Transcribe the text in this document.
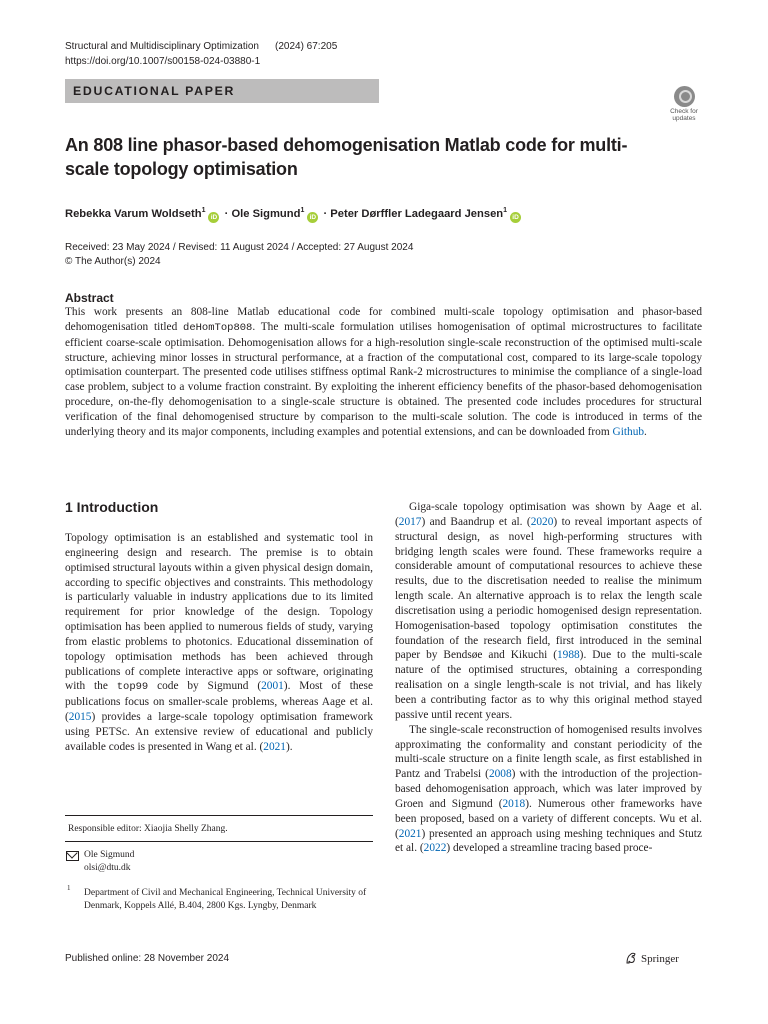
Structural and Multidisciplinary Optimization (2024) 67:205
https://doi.org/10.1007/s00158-024-03880-1
EDUCATIONAL PAPER
Check for
updates
An 808 line phasor-based dehomogenisation Matlab code for multi-scale topology optimisation
Rebekka Varum Woldseth$^1$iD · Ole Sigmund$^1$iD · Peter Dørffler Ladegaard Jensen$^1$iD
Received: 23 May 2024 / Revised: 11 August 2024 / Accepted: 27 August 2024
© The Author(s) 2024
Abstract
This work presents an 808-line Matlab educational code for combined multi-scale topology optimisation and phasor-based dehomogenisation titled deHomTop808. The multi-scale formulation utilises homogenisation of optimal microstructures to facilitate efficient coarse-scale optimisation. Dehomogenisation allows for a high-resolution single-scale reconstruction of the optimised multi-scale structure, achieving minor losses in structural performance, at a fraction of the computational cost, compared to its large-scale topology optimisation counterpart. The presented code utilises stiffness optimal Rank-2 microstructures to minimise the compliance of a single-load case problem, subject to a volume fraction constraint. By exploiting the inherent efficiency benefits of the phasor-based dehomogenisation procedure, on-the-fly dehomogenisation to a single-scale structure is obtained. The presented code includes procedures for structural verification of the final dehomogenised structure by comparison to the multi-scale solution. The code is introduced in terms of the underlying theory and its major components, including examples and potential extensions, and can be downloaded from Github.
1 Introduction

Topology optimisation is an established and systematic tool in engineering design and research. The premise is to obtain optimised structural layouts within a given physical design domain, according to specific objectives and constraints. This methodology is particularly valuable in industry applications due to its limited requirement for prior knowledge of the design. Topology optimisation has been applied to numerous fields of study, varying from elastic problems to photonics. Educational dissemination of topology optimisation methods has been achieved through publications of complete interactive apps or software, originating with the top99 code by Sigmund (2001). Most of these publications focus on smaller-scale problems, whereas Aage et al. (2015) provides a large-scale topology optimisation framework using PETSc. An extensive review of educational and publicly available codes is presented in Wang et al. (2021).

Giga-scale topology optimisation was shown by Aage et al. (2017) and Baandrup et al. (2020) to reveal important aspects of structural design, as novel high-performing structures with bridging length scales were found. These frameworks require a considerable amount of computational resources to achieve these results, due to the discretisation needed to realise the minimum length scale. An alternative approach is to relax the length scale discretisation using a periodic homogenised design representation. Homogenisation-based topology optimisation constitutes the foundation of the research field, first introduced in the seminal paper by Bendsøe and Kikuchi (1988). Due to the multi-scale nature of the optimised structures, obtaining a corresponding realisation on a single length-scale is not trivial, and has likely been a contributing factor as to why this original method stayed passive until recent years.

The single-scale reconstruction of homogenised results involves approximating the conformality and constant periodicity of the multi-scale structure on a finite length scale, as first established in Pantz and Trabelsi (2008) with the introduction of the projection-based dehomogenisation approach, which was later improved by Groen and Sigmund (2018). Numerous other frameworks have been proposed, based on a variety of different concepts. Wu et al. (2021) presented an approach using meshing techniques and Stutz et al. (2022) developed a streamline tracing based proce-

Responsible editor: Xiaojia Shelly Zhang.
Ole Sigmund
olsi@dtu.dk
1 Department of Civil and Mechanical Engineering, Technical University of Denmark, Koppels Allé, B.404, 2800 Kgs. Lyngby, Denmark
Published online: 28 November 2024	Springer
